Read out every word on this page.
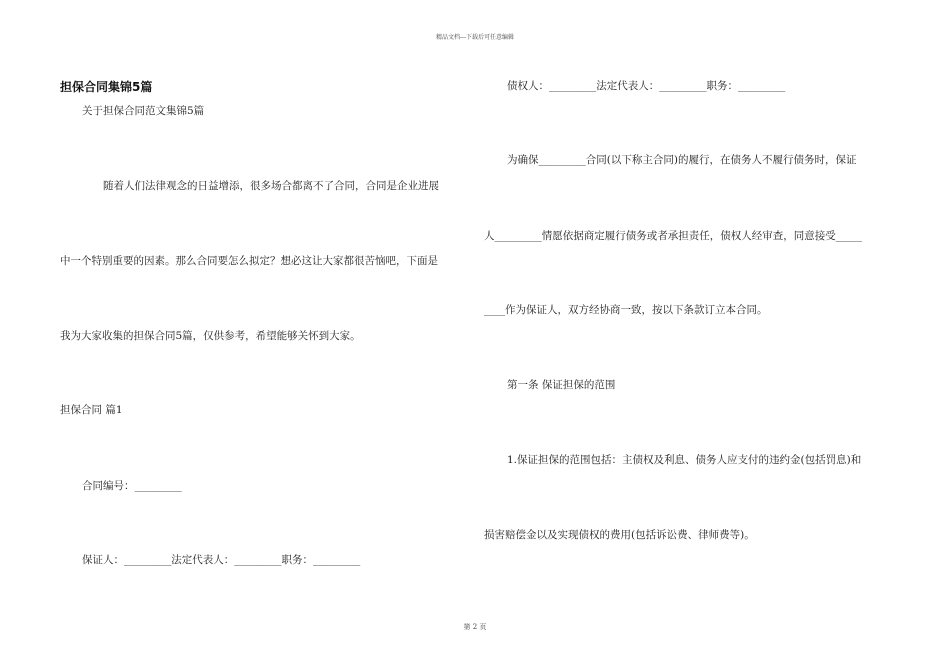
精品文档---下载后可任意编辑
担保合同集锦5篇
关于担保合同范文集锦5篇
随着人们法律观念的日益增添，很多场合都离不了合同，合同是企业进展
中一个特别重要的因素。那么合同要怎么拟定？想必这让大家都很苦恼吧，下面是
我为大家收集的担保合同5篇，仅供参考，希望能够关怀到大家。
担保合同 篇1
合同编号：_________
保证人：_________法定代表人：_________职务：_________
债权人：_________法定代表人：_________职务：_________
为确保_________合同(以下称主合同)的履行，在债务人不履行债务时，保证
人_________情愿依据商定履行债务或者承担责任，债权人经审查，同意接受_____
____作为保证人，双方经协商一致，按以下条款订立本合同。
第一条 保证担保的范围
1.保证担保的范围包括：主债权及利息、债务人应支付的违约金(包括罚息)和
损害赔偿金以及实现债权的费用(包括诉讼费、律师费等)。
第 2 页
